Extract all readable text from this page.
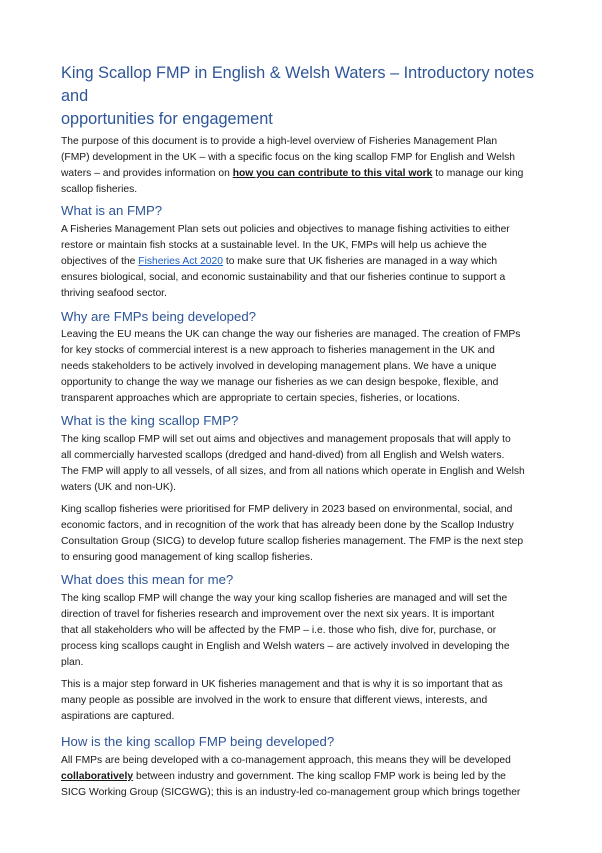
King Scallop FMP in English & Welsh Waters – Introductory notes and
opportunities for engagement

The purpose of this document is to provide a high-level overview of Fisheries Management Plan
(FMP) development in the UK – with a specific focus on the king scallop FMP for English and Welsh
waters – and provides information on how you can contribute to this vital work to manage our king
scallop fisheries.

What is an FMP?

A Fisheries Management Plan sets out policies and objectives to manage fishing activities to either
restore or maintain fish stocks at a sustainable level. In the UK, FMPs will help us achieve the
objectives of the Fisheries Act 2020 to make sure that UK fisheries are managed in a way which
ensures biological, social, and economic sustainability and that our fisheries continue to support a
thriving seafood sector.

Why are FMPs being developed?

Leaving the EU means the UK can change the way our fisheries are managed. The creation of FMPs
for key stocks of commercial interest is a new approach to fisheries management in the UK and
needs stakeholders to be actively involved in developing management plans. We have a unique
opportunity to change the way we manage our fisheries as we can design bespoke, flexible, and
transparent approaches which are appropriate to certain species, fisheries, or locations.

What is the king scallop FMP?

The king scallop FMP will set out aims and objectives and management proposals that will apply to
all commercially harvested scallops (dredged and hand-dived) from all English and Welsh waters.
The FMP will apply to all vessels, of all sizes, and from all nations which operate in English and Welsh
waters (UK and non-UK).

King scallop fisheries were prioritised for FMP delivery in 2023 based on environmental, social, and
economic factors, and in recognition of the work that has already been done by the Scallop Industry
Consultation Group (SICG) to develop future scallop fisheries management. The FMP is the next step
to ensuring good management of king scallop fisheries.

What does this mean for me?

The king scallop FMP will change the way your king scallop fisheries are managed and will set the
direction of travel for fisheries research and improvement over the next six years. It is important
that all stakeholders who will be affected by the FMP – i.e. those who fish, dive for, purchase, or
process king scallops caught in English and Welsh waters – are actively involved in developing the
plan.

This is a major step forward in UK fisheries management and that is why it is so important that as
many people as possible are involved in the work to ensure that different views, interests, and
aspirations are captured.

How is the king scallop FMP being developed?

All FMPs are being developed with a co-management approach, this means they will be developed
collaboratively between industry and government. The king scallop FMP work is being led by the
SICG Working Group (SICGWG); this is an industry-led co-management group which brings together
